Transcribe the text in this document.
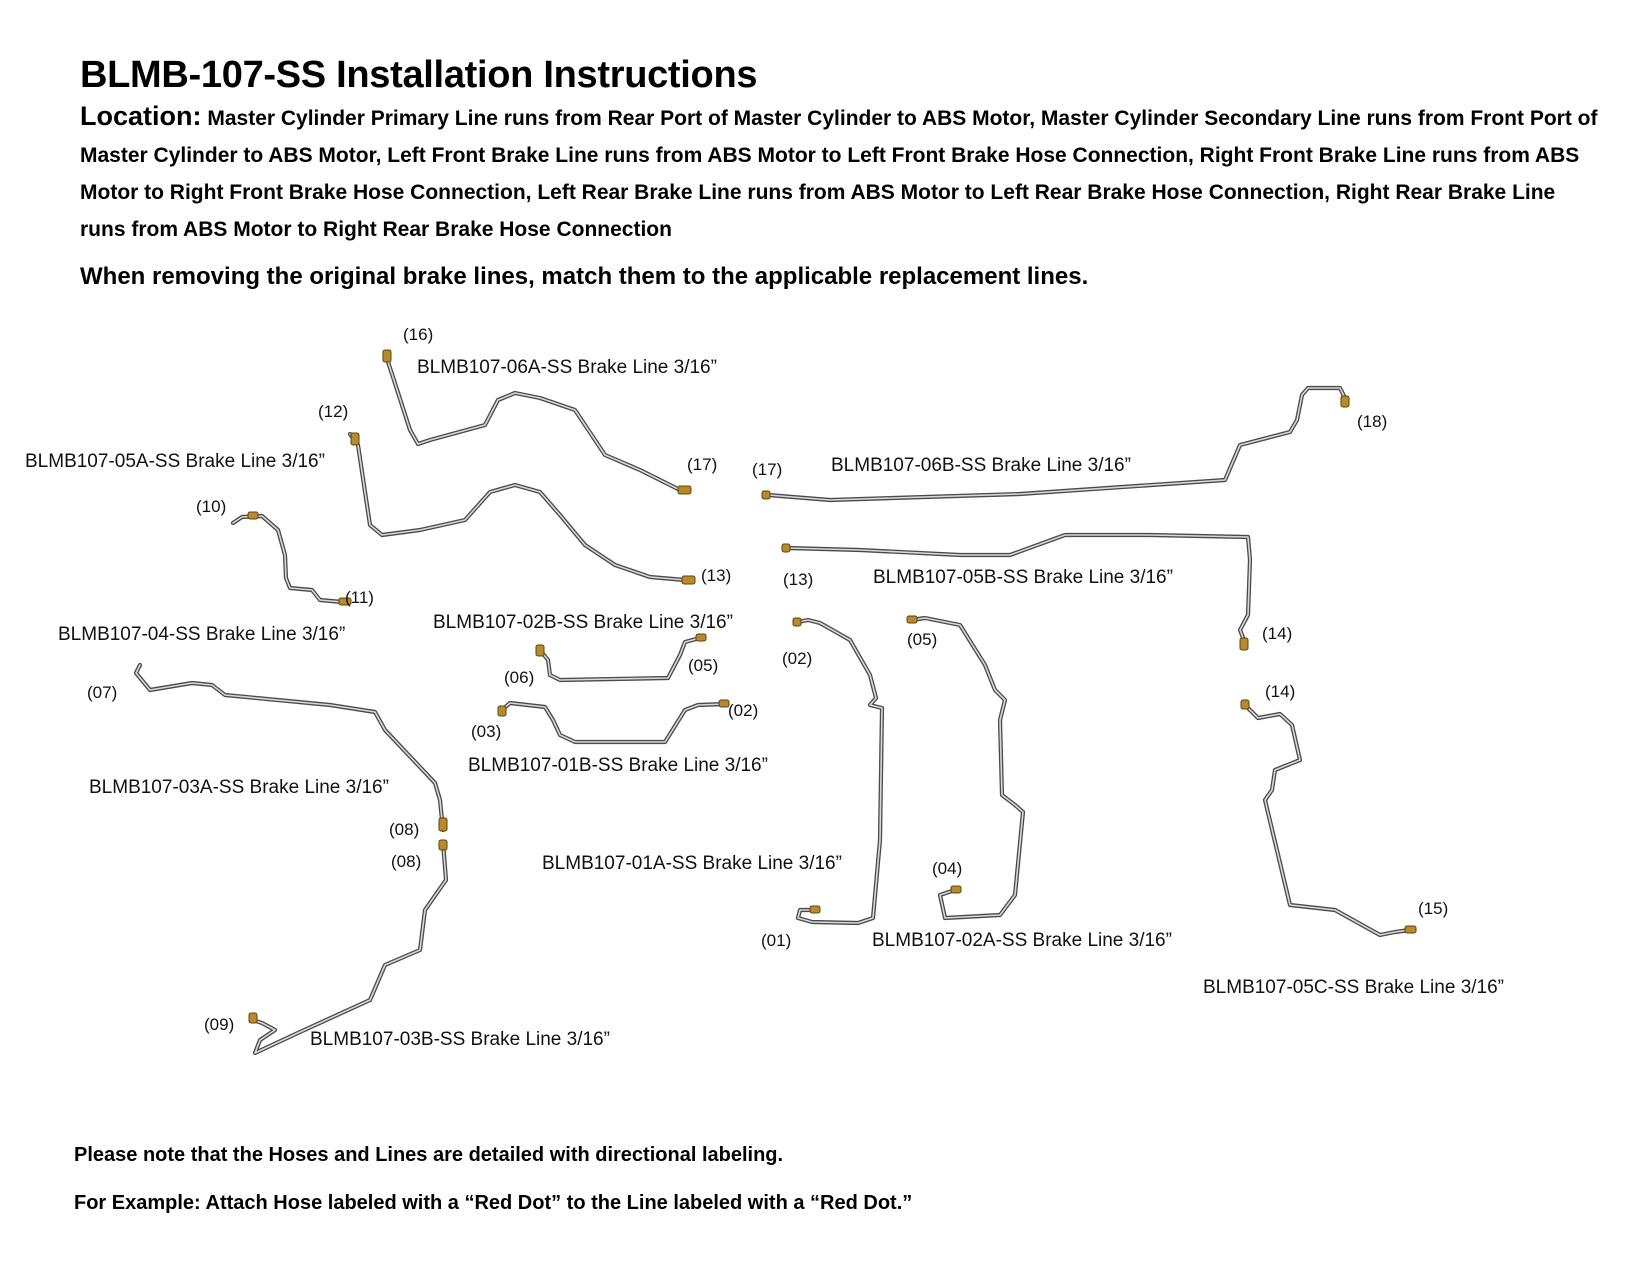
BLMB-107-SS Installation Instructions

Location: Master Cylinder Primary Line runs from Rear Port of Master Cylinder to ABS Motor, Master Cylinder Secondary Line runs from Front Port of Master Cylinder to ABS Motor, Left Front Brake Line runs from ABS Motor to Left Front Brake Hose Connection, Right Front Brake Line runs from ABS Motor to Right Front Brake Hose Connection, Left Rear Brake Line runs from ABS Motor to Left Rear Brake Hose Connection, Right Rear Brake Line runs from ABS Motor to Right Rear Brake Hose Connection

When removing the original brake lines, match them to the applicable replacement lines.
BLMB107-06A-SS Brake Line 3/16”
BLMB107-05A-SS Brake Line 3/16”
BLMB107-04-SS Brake Line 3/16”
BLMB107-06B-SS Brake Line 3/16”
BLMB107-05B-SS Brake Line 3/16”
BLMB107-02B-SS Brake Line 3/16”
BLMB107-01B-SS Brake Line 3/16”
BLMB107-03A-SS Brake Line 3/16”
BLMB107-03B-SS Brake Line 3/16”
BLMB107-01A-SS Brake Line 3/16”
BLMB107-02A-SS Brake Line 3/16”
BLMB107-05C-SS Brake Line 3/16”
(16)
(17)
(12)
(13)
(10)
(11)
(17)
(18)
(13)
(14)
(06)
(05)
(03)
(02)
(07)
(08)
(08)
(09)
(02)
(01)
(05)
(04)
(14)
(15)
Please note that the Hoses and Lines are detailed with directional labeling.
For Example: Attach Hose labeled with a “Red Dot” to the Line labeled with a “Red Dot.”
